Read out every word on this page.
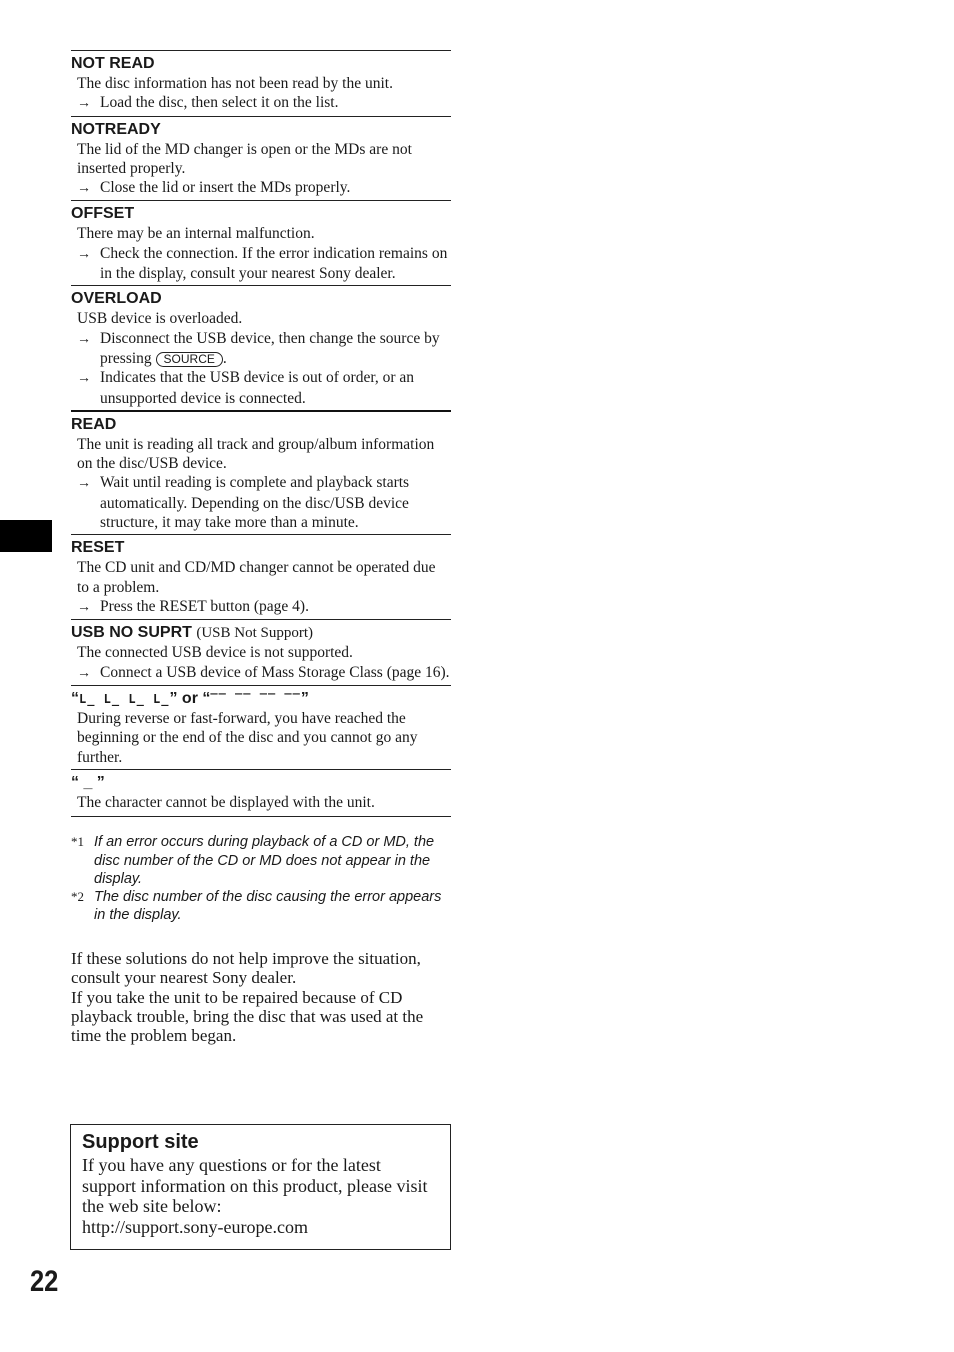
NOT READ
The disc information has not been read by the unit.
→ Load the disc, then select it on the list.
NOTREADY
The lid of the MD changer is open or the MDs are not inserted properly.
→ Close the lid or insert the MDs properly.
OFFSET
There may be an internal malfunction.
→ Check the connection. If the error indication remains on in the display, consult your nearest Sony dealer.
OVERLOAD
USB device is overloaded.
→ Disconnect the USB device, then change the source by pressing SOURCE .
→ Indicates that the USB device is out of order, or an unsupported device is connected.
READ
The unit is reading all track and group/album information on the disc/USB device.
→ Wait until reading is complete and playback starts automatically. Depending on the disc/USB device structure, it may take more than a minute.
RESET
The CD unit and CD/MD changer cannot be operated due to a problem.
→ Press the RESET button (page 4).
USB NO SUPRT (USB Not Support)
The connected USB device is not supported.
→ Connect a USB device of Mass Storage Class (page 16).
“L_ L_ L_ L_” or “‾‾ ‾‾ ‾‾ ‾‾”
During reverse or fast-forward, you have reached the beginning or the end of the disc and you cannot go any further.
“ _ ”
The character cannot be displayed with the unit.
*1 If an error occurs during playback of a CD or MD, the disc number of the CD or MD does not appear in the display.
*2 The disc number of the disc causing the error appears in the display.
If these solutions do not help improve the situation, consult your nearest Sony dealer.
If you take the unit to be repaired because of CD playback trouble, bring the disc that was used at the time the problem began.
Support site
If you have any questions or for the latest support information on this product, please visit the web site below:
http://support.sony-europe.com
22
